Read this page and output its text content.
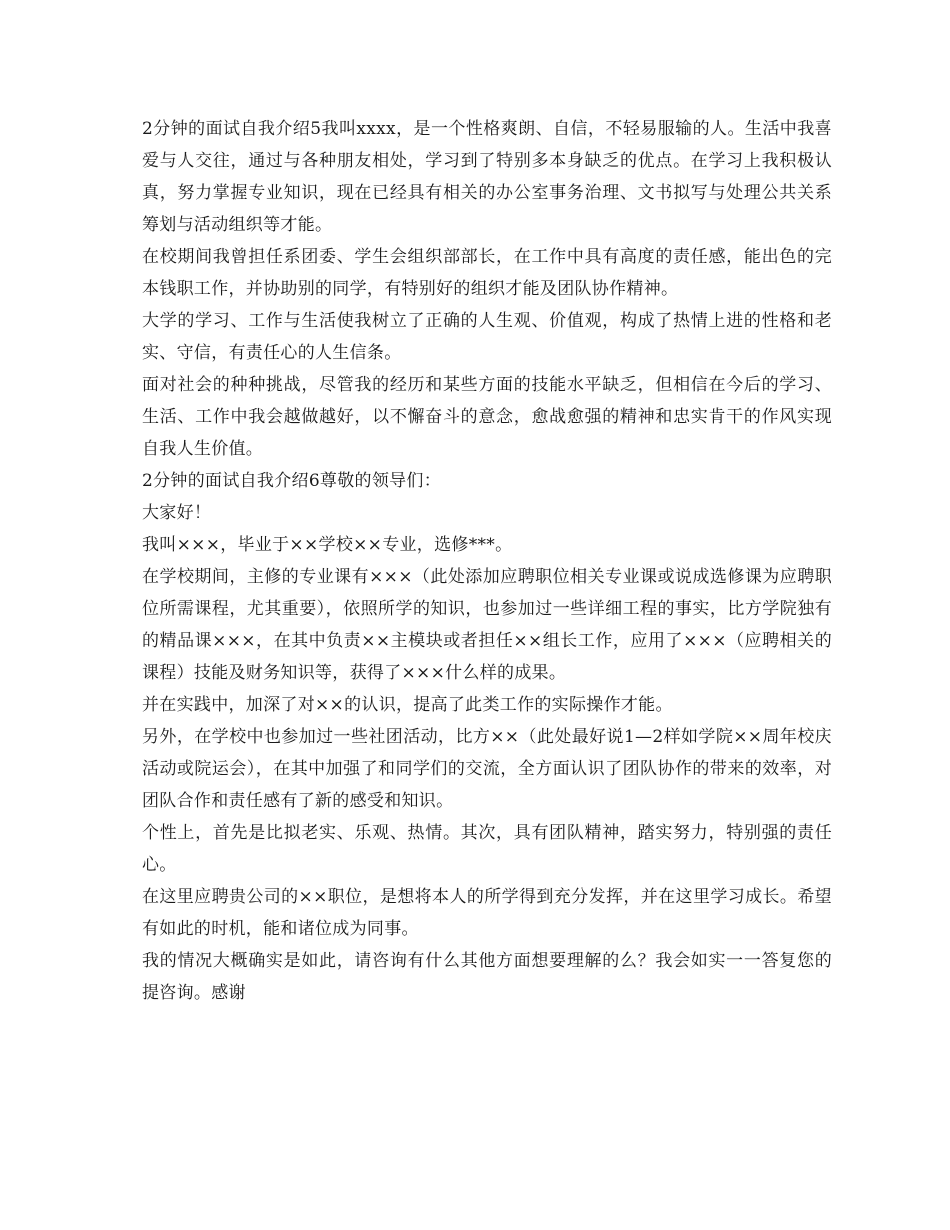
2分钟的面试自我介绍5我叫xxxx，是一个性格爽朗、自信，不轻易服输的人。生活中我喜爱与人交往，通过与各种朋友相处，学习到了特别多本身缺乏的优点。在学习上我积极认真，努力掌握专业知识，现在已经具有相关的办公室事务治理、文书拟写与处理公共关系筹划与活动组织等才能。

在校期间我曾担任系团委、学生会组织部部长，在工作中具有高度的责任感，能出色的完本钱职工作，并协助别的同学，有特别好的组织才能及团队协作精神。

大学的学习、工作与生活使我树立了正确的人生观、价值观，构成了热情上进的性格和老实、守信，有责任心的人生信条。

面对社会的种种挑战，尽管我的经历和某些方面的技能水平缺乏，但相信在今后的学习、生活、工作中我会越做越好，以不懈奋斗的意念，愈战愈强的精神和忠实肯干的作风实现自我人生价值。

2分钟的面试自我介绍6尊敬的领导们：

大家好！

我叫×××，毕业于××学校××专业，选修***。

在学校期间，主修的专业课有×××（此处添加应聘职位相关专业课或说成选修课为应聘职位所需课程，尤其重要），依照所学的知识，也参加过一些详细工程的事实，比方学院独有的精品课×××，在其中负责××主模块或者担任××组长工作，应用了×××（应聘相关的课程）技能及财务知识等，获得了×××什么样的成果。

并在实践中，加深了对××的认识，提高了此类工作的实际操作才能。

另外，在学校中也参加过一些社团活动，比方××（此处最好说1—2样如学院××周年校庆活动或院运会），在其中加强了和同学们的交流，全方面认识了团队协作的带来的效率，对团队合作和责任感有了新的感受和知识。

个性上，首先是比拟老实、乐观、热情。其次，具有团队精神，踏实努力，特别强的责任心。

在这里应聘贵公司的××职位，是想将本人的所学得到充分发挥，并在这里学习成长。希望有如此的时机，能和诸位成为同事。

我的情况大概确实是如此，请咨询有什么其他方面想要理解的么？我会如实一一答复您的提咨询。感谢
